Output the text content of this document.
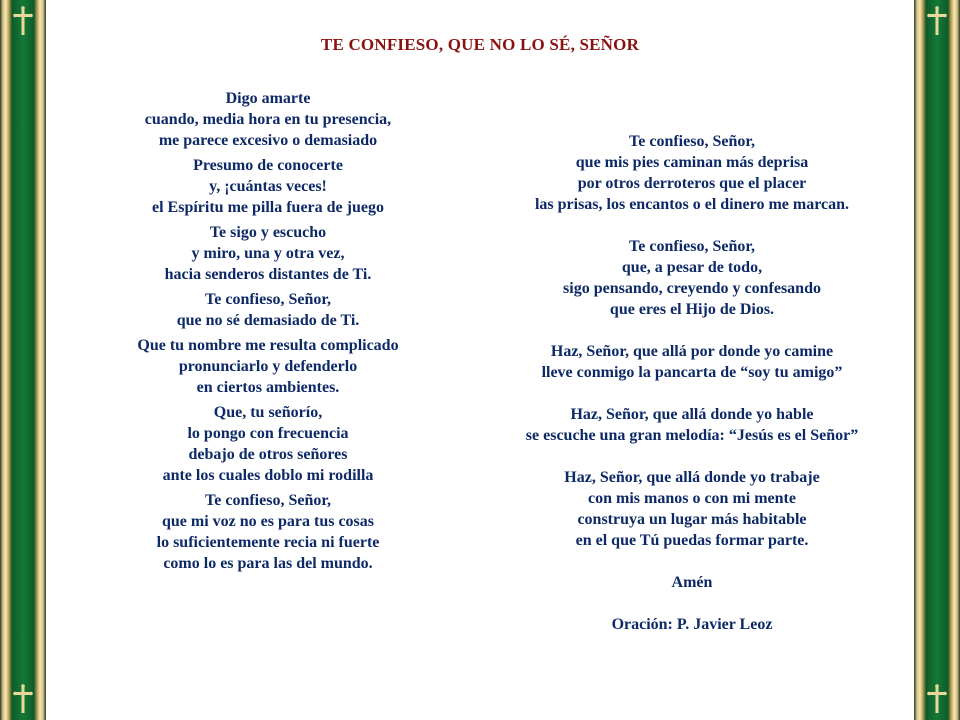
TE CONFIESO, QUE NO LO SÉ, SEÑOR

Digo amarte
cuando, media hora en tu presencia,
me parece excesivo o demasiado

Presumo de conocerte
y, ¡cuántas veces!
el Espíritu me pilla fuera de juego

Te sigo y escucho
y miro, una y otra vez,
hacia senderos distantes de Ti.

Te confieso, Señor,
que no sé demasiado de Ti.

Que tu nombre me resulta complicado
pronunciarlo y defenderlo
en ciertos ambientes.

Que, tu señorío,
lo pongo con frecuencia
debajo de otros señores
ante los cuales doblo mi rodilla

Te confieso, Señor,
que mi voz no es para tus cosas
lo suficientemente recia ni fuerte
como lo es para las del mundo.

Te confieso, Señor,
que mis pies caminan más deprisa
por otros derroteros que el placer
las prisas, los encantos o el dinero me marcan.

Te confieso, Señor,
que, a pesar de todo,
sigo pensando, creyendo y confesando
que eres el Hijo de Dios.

Haz, Señor, que allá por donde yo camine
lleve conmigo la pancarta de “soy tu amigo”

Haz, Señor, que allá donde yo hable
se escuche una gran melodía: “Jesús es el Señor”

Haz, Señor, que allá donde yo trabaje
con mis manos o con mi mente
construya un lugar más habitable
en el que Tú puedas formar parte.

Amén

Oración: P. Javier Leoz
